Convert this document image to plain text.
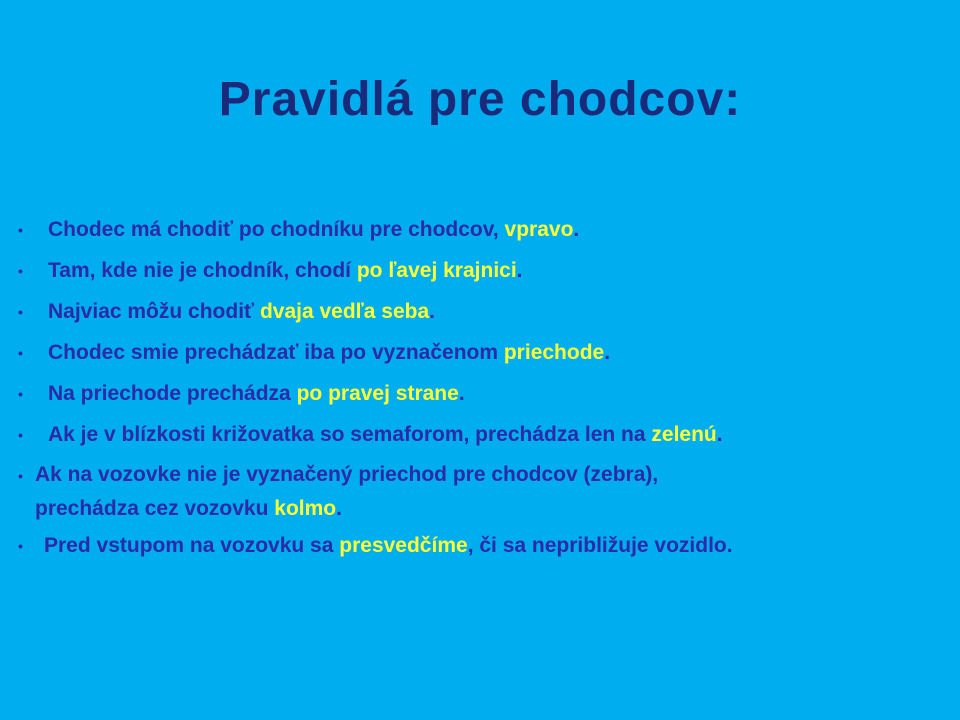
Pravidlá pre chodcov:
•	Chodec má chodiť po chodníku pre chodcov, vpravo.
•	Tam, kde nie je chodník, chodí po ľavej krajnici.
•	Najviac môžu chodiť dvaja vedľa seba.
•	Chodec smie prechádzať iba po vyznačenom priechode.
•	Na priechode prechádza po pravej strane.
•	Ak je v blízkosti križovatka so semaforom, prechádza len na zelenú.
• Ak na vozovke nie je vyznačený priechod pre chodcov (zebra),
prechádza cez vozovku kolmo.
•	Pred vstupom na vozovku sa presvedčíme, či sa nepribližuje vozidlo.
